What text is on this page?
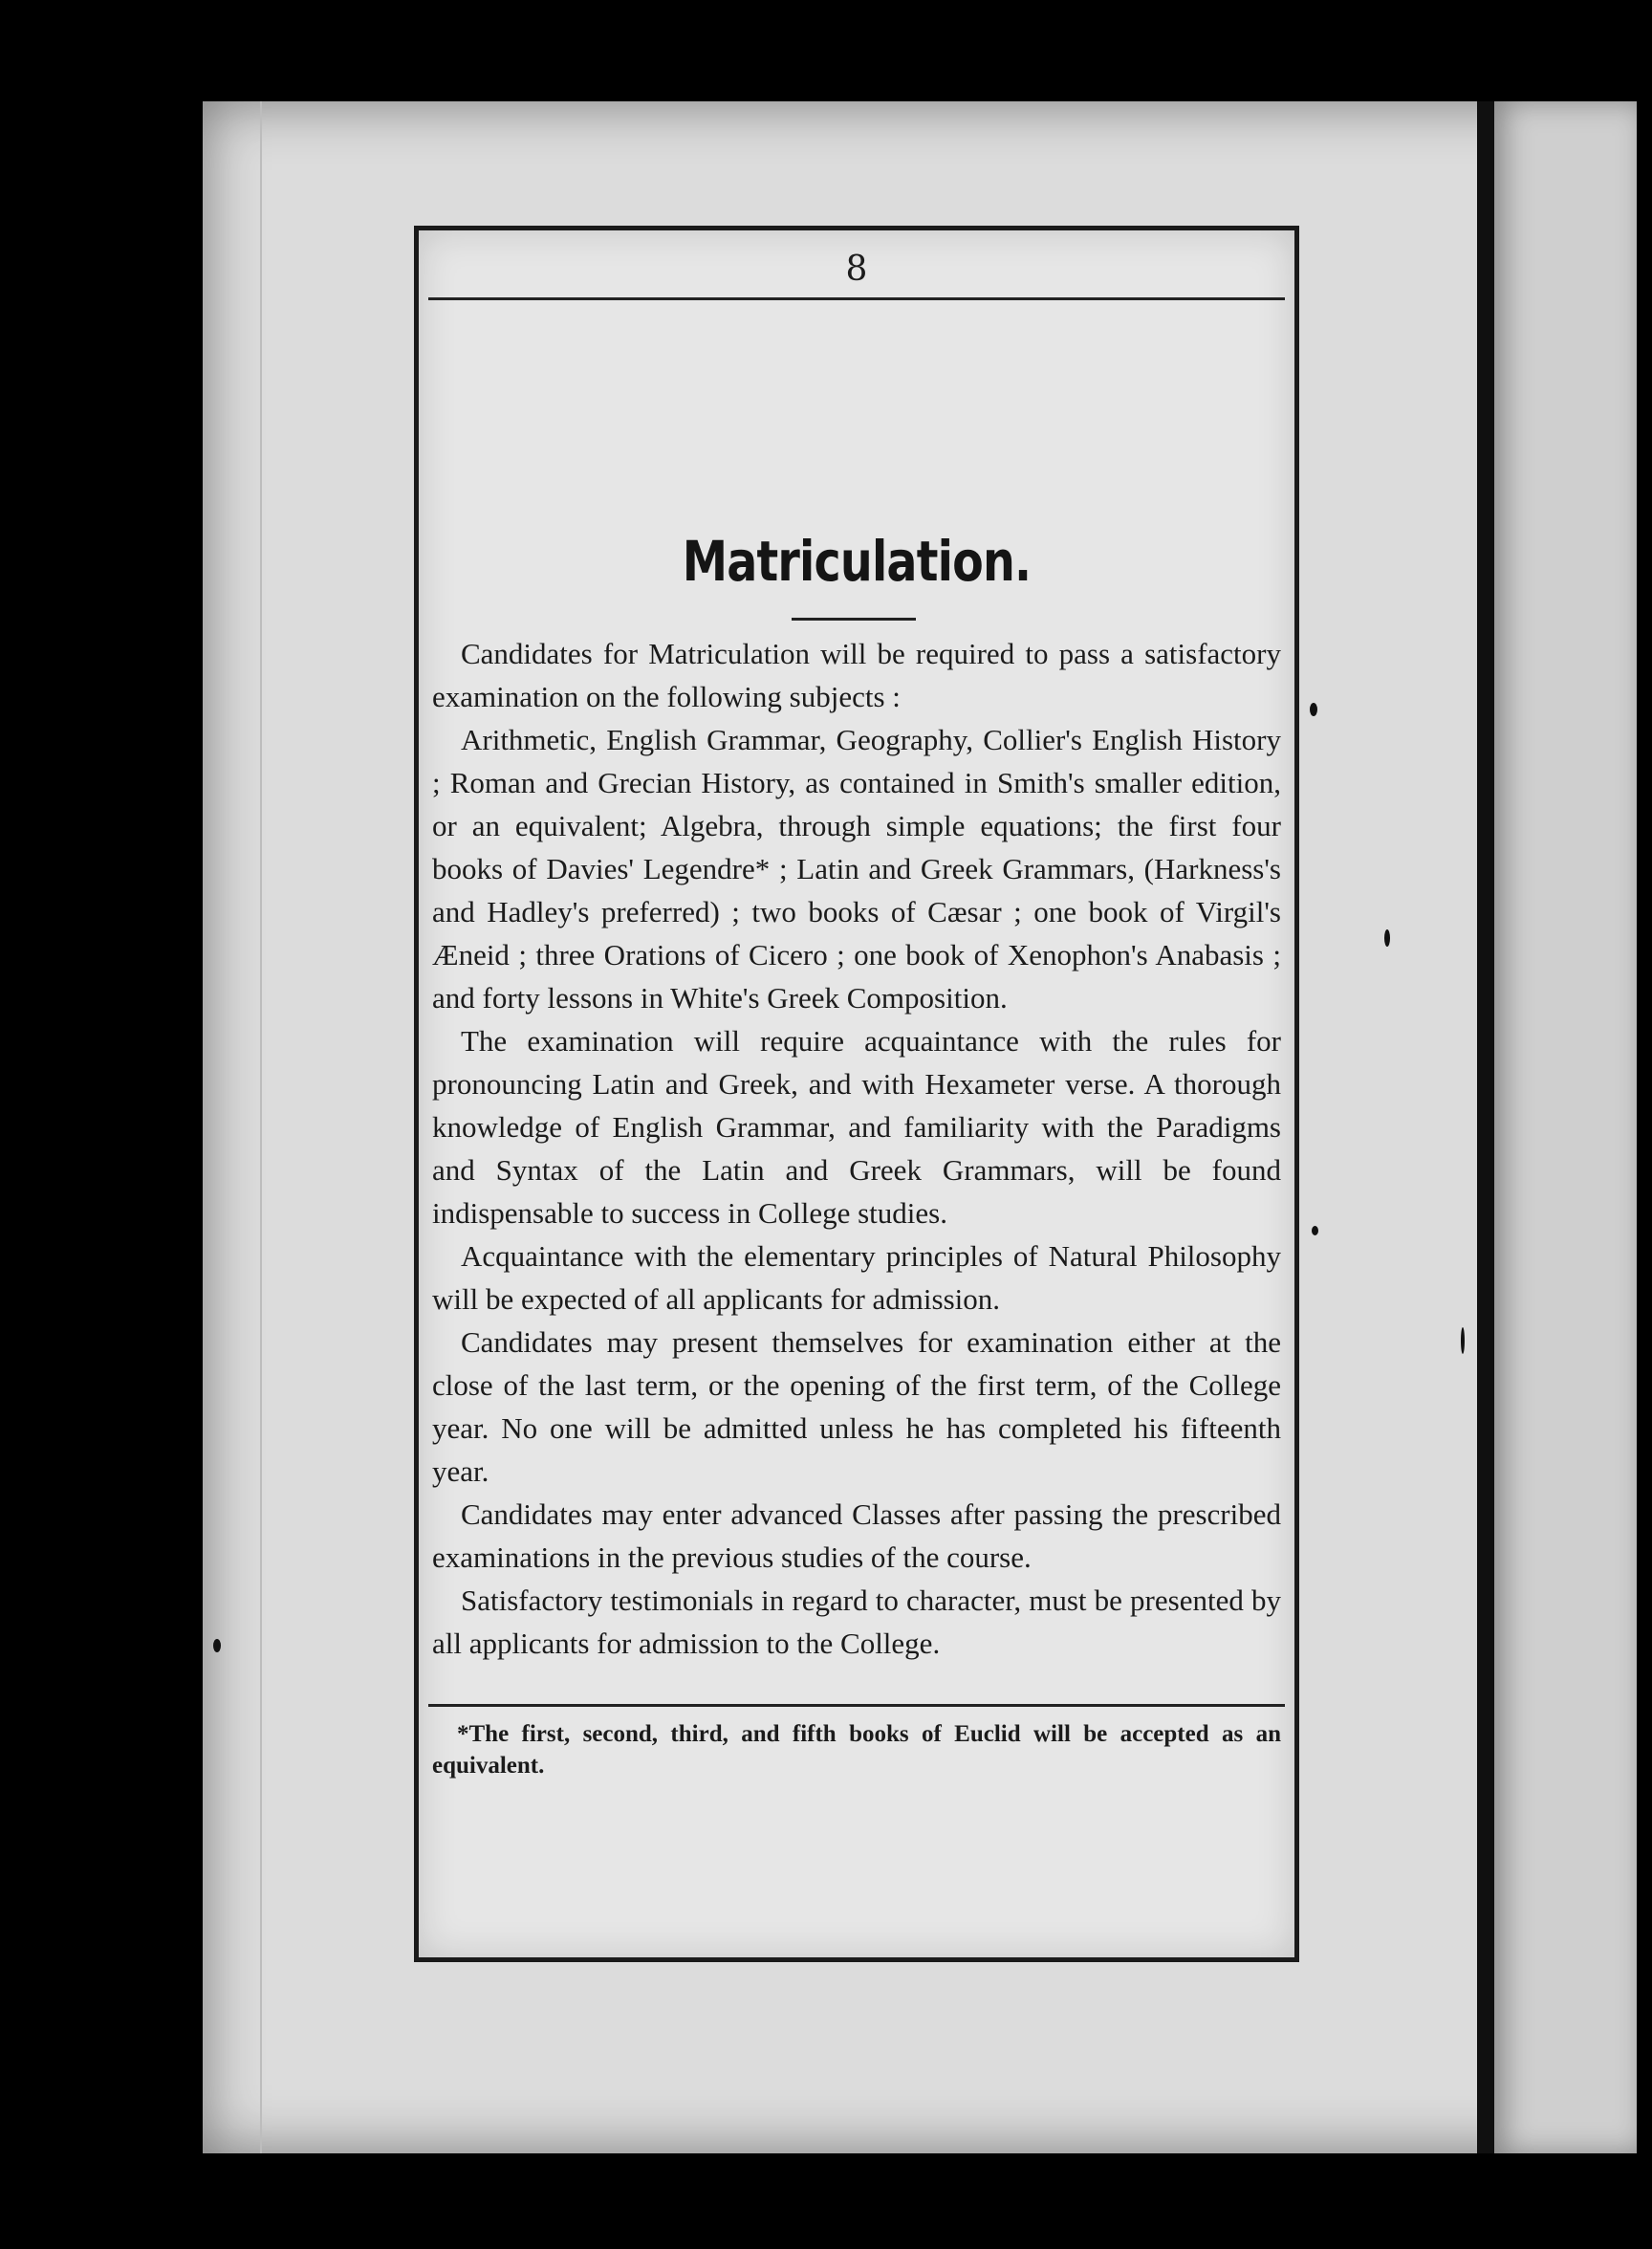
8
Matriculation.

Candidates for Matriculation will be required to pass a satisfactory examination on the following subjects :

Arithmetic, English Grammar, Geography, Collier's English History ; Roman and Grecian History, as contained in Smith's smaller edition, or an equivalent; Algebra, through simple equations; the first four books of Davies' Legendre* ; Latin and Greek Grammars, (Harkness's and Hadley's preferred) ; two books of Cæsar ; one book of Virgil's Æneid ; three Orations of Cicero ; one book of Xenophon's Anabasis ; and forty lessons in White's Greek Composition.

The examination will require acquaintance with the rules for pronouncing Latin and Greek, and with Hexameter verse. A thorough knowledge of English Grammar, and familiarity with the Paradigms and Syntax of the Latin and Greek Grammars, will be found indispensable to success in College studies.

Acquaintance with the elementary principles of Natural Philosophy will be expected of all applicants for admission.

Candidates may present themselves for examination either at the close of the last term, or the opening of the first term, of the College year. No one will be admitted unless he has completed his fifteenth year.

Candidates may enter advanced Classes after passing the prescribed examinations in the previous studies of the course.

Satisfactory testimonials in regard to character, must be presented by all applicants for admission to the College.

*The first, second, third, and fifth books of Euclid will be accepted as an equivalent.
